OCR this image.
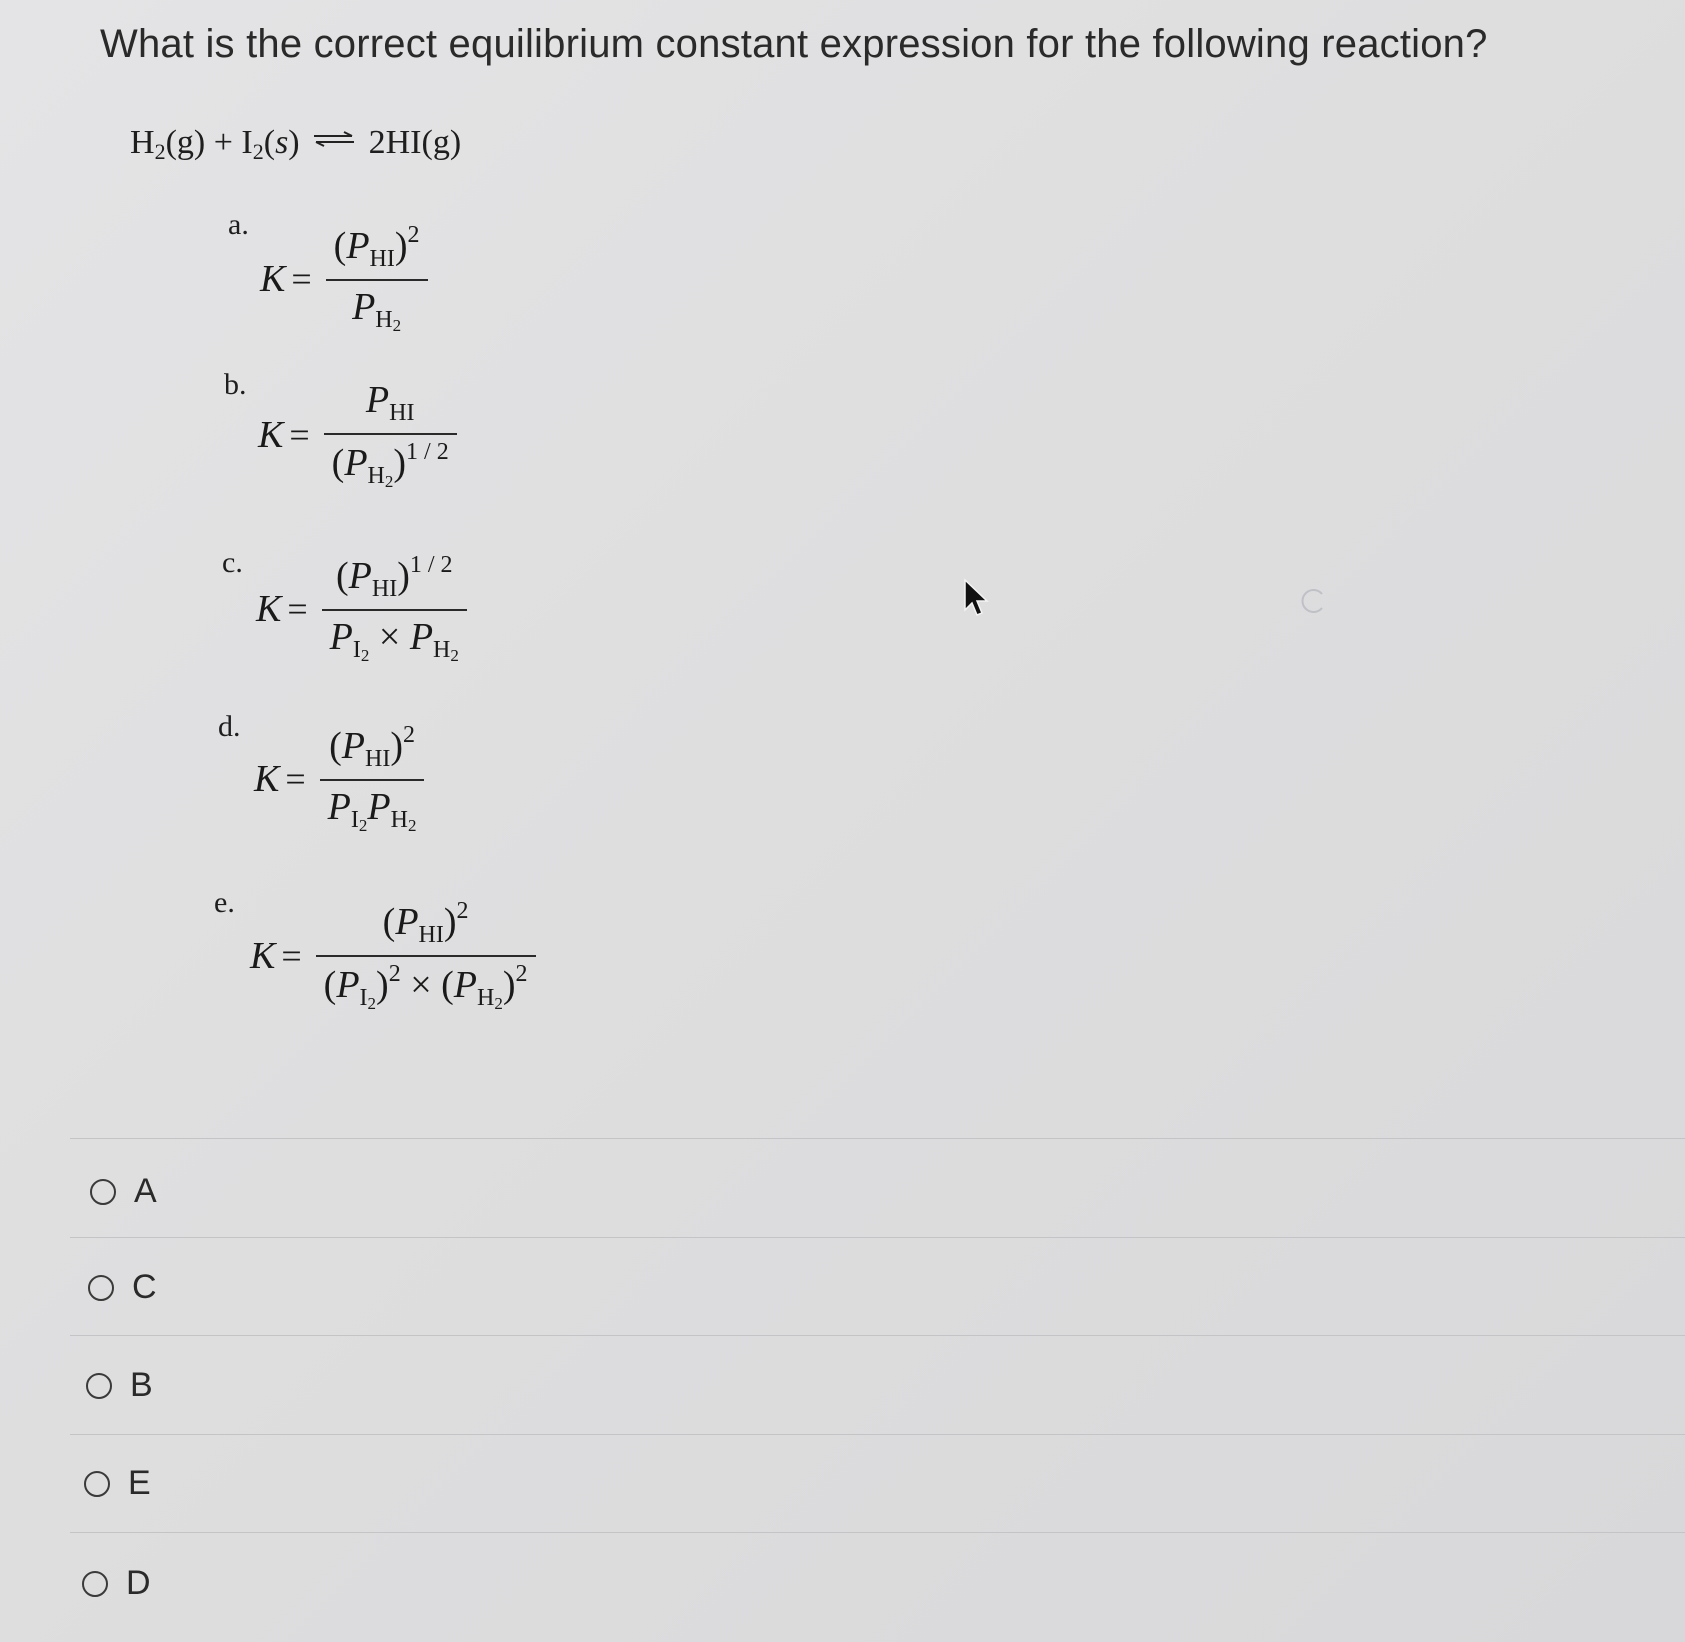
What is the correct equilibrium constant expression for the following reaction?
$H_2(g) + I_2(s)$ ⇌ 2HI(g)
a.
$K = \frac{(P_{HI})^2}{P_{H2}}$
b.
$K = \frac{P_{HI}}{(P_{H2})^{1 / 2}}$
c.
$K = \frac{(P_{HI})^{1 / 2}}{P_{I2} \times P_{H2}}$
d.
$K = \frac{(P_{HI})^2}{P_{I2}P_{H2}}$
e.
$K = \frac{(P_{HI})^2}{(P_{I2})^2 \times (P_{H2})^2}$
A
C
B
E
D
